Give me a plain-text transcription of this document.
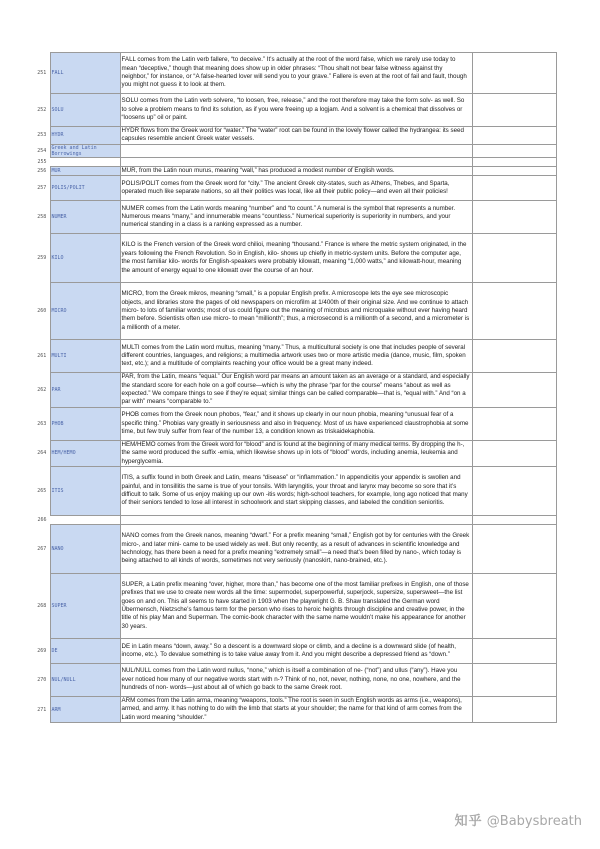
251	FALL	FALL comes from the Latin verb fallere, “to deceive.” It’s actually at the root of the word false, which we rarely use today to mean “deceptive,” though that meaning does show up in older phrases: “Thou shalt not bear false witness against thy neighbor,” for instance, or “A false-hearted lover will send you to your grave.” Fallere is even at the root of fail and fault, though you might not guess it to look at them.	
252	SOLU	SOLU comes from the Latin verb solvere, “to loosen, free, release,” and the root therefore may take the form solv- as well. So to solve a problem means to find its solution, as if you were freeing up a logjam. And a solvent is a chemical that dissolves or “loosens up” oil or paint.	
253	HYDR	HYDR flows from the Greek word for “water.” The “water” root can be found in the lovely flower called the hydrangea: its seed capsules resemble ancient Greek water vessels.	
254	Greek and Latin Borrowings		
255			
256	MUR	MUR, from the Latin noun murus, meaning “wall,” has produced a modest number of English words.	
257	POLIS/POLIT	POLIS/POLIT comes from the Greek word for “city.” The ancient Greek city-states, such as Athens, Thebes, and Sparta, operated much like separate nations, so all their politics was local, like all their public policy—and even all their policies!	
258	NUMER	NUMER comes from the Latin words meaning “number” and “to count.” A numeral is the symbol that represents a number. Numerous means “many,” and innumerable means “countless.” Numerical superiority is superiority in numbers, and your numerical standing in a class is a ranking expressed as a number.	
259	KILO	KILO is the French version of the Greek word chilioi, meaning “thousand.” France is where the metric system originated, in the years following the French Revolution. So in English, kilo- shows up chiefly in metric-system units. Before the computer age, the most familiar kilo- words for English-speakers were probably kilowatt, meaning “1,000 watts,” and kilowatt-hour, meaning the amount of energy equal to one kilowatt over the course of an hour.	
260	MICRO	MICRO, from the Greek mikros, meaning “small,” is a popular English prefix. A microscope lets the eye see microscopic objects, and libraries store the pages of old newspapers on microfilm at 1/400th of their original size. And we continue to attach micro- to lots of familiar words; most of us could figure out the meaning of microbus and microquake without ever having heard them before. Scientists often use micro- to mean “millionth”; thus, a microsecond is a millionth of a second, and a micrometer is a millionth of a meter.	
261	MULTI	MULTI comes from the Latin word multus, meaning “many.” Thus, a multicultural society is one that includes people of several different countries, languages, and religions; a multimedia artwork uses two or more artistic media (dance, music, film, spoken text, etc.); and a multitude of complaints reaching your office would be a great many indeed.	
262	PAR	PAR, from the Latin, means “equal.” Our English word par means an amount taken as an average or a standard, and especially the standard score for each hole on a golf course—which is why the phrase “par for the course” means “about as well as expected.” We compare things to see if they’re equal; similar things can be called comparable—that is, “equal with.” And “on a par with” means “comparable to.”	
263	PHOB	PHOB comes from the Greek noun phobos, “fear,” and it shows up clearly in our noun phobia, meaning “unusual fear of a specific thing.” Phobias vary greatly in seriousness and also in frequency. Most of us have experienced claustrophobia at some time, but few truly suffer from fear of the number 13, a condition known as triskaidekaphobia.	
264	HEM/HEMO	HEM/HEMO comes from the Greek word for “blood” and is found at the beginning of many medical terms. By dropping the h-, the same word produced the suffix -emia, which likewise shows up in lots of “blood” words, including anemia, leukemia and hyperglycemia.	
265	ITIS	ITIS, a suffix found in both Greek and Latin, means “disease” or “inflammation.” In appendicitis your appendix is swollen and painful, and in tonsillitis the same is true of your tonsils. With laryngitis, your throat and larynx may become so sore that it’s difficult to talk. Some of us enjoy making up our own -itis words; high-school teachers, for example, long ago noticed that many of their seniors tended to lose all interest in schoolwork and start skipping classes, and labeled the condition senioritis.	
266			
267	NANO	NANO comes from the Greek nanos, meaning “dwarf.” For a prefix meaning “small,” English got by for centuries with the Greek micro-, and later mini- came to be used widely as well. But only recently, as a result of advances in scientific knowledge and technology, has there been a need for a prefix meaning “extremely small”—a need that’s been filled by nano-, which today is being attached to all kinds of words, sometimes not very seriously (nanoskirt, nano-brained, etc.).	
268	SUPER	SUPER, a Latin prefix meaning “over, higher, more than,” has become one of the most familiar prefixes in English, one of those prefixes that we use to create new words all the time: supermodel, superpowerful, superjock, supersize, supersweet—the list goes on and on. This all seems to have started in 1903 when the playwright G. B. Shaw translated the German word Übermensch, Nietzsche’s famous term for the person who rises to heroic heights through discipline and creative power, in the title of his play Man and Superman. The comic-book character with the same name wouldn’t make his appearance for another 30 years.	
269	DE	DE in Latin means “down, away.” So a descent is a downward slope or climb, and a decline is a downward slide (of health, income, etc.). To devalue something is to take value away from it. And you might describe a depressed friend as “down.”	
270	NUL/NULL	NUL/NULL comes from the Latin word nullus, “none,” which is itself a combination of ne- (“not”) and ullus (“any”). Have you ever noticed how many of our negative words start with n-? Think of no, not, never, nothing, none, no one, nowhere, and the hundreds of non- words—just about all of which go back to the same Greek root.	
271	ARM	ARM comes from the Latin arma, meaning “weapons, tools.” The root is seen in such English words as arms (i.e., weapons), armed, and army. It has nothing to do with the limb that starts at your shoulder; the name for that kind of arm comes from the Latin word meaning “shoulder.”	
知乎 @Babysbreath
